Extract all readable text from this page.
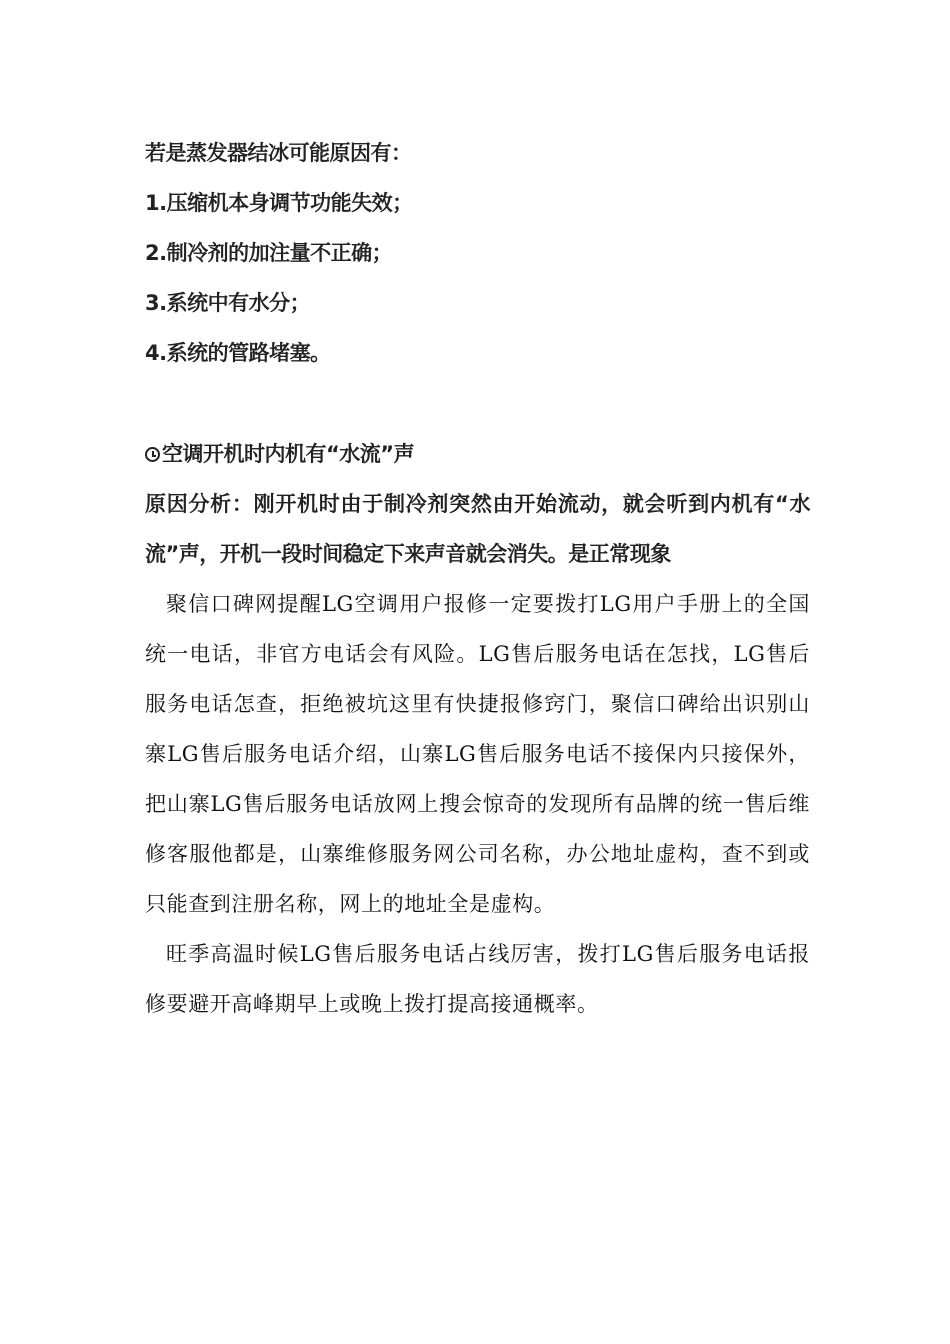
若是蒸发器结冰可能原因有：
1.压缩机本身调节功能失效；
2.制冷剂的加注量不正确；
3.系统中有水分；
4.系统的管路堵塞。
空调开机时内机有“水流”声

原因分析：刚开机时由于制冷剂突然由开始流动，就会听到内机有“水流”声，开机一段时间稳定下来声音就会消失。是正常现象

聚信口碑网提醒LG空调用户报修一定要拨打LG用户手册上的全国统一电话，非官方电话会有风险。LG售后服务电话在怎找，LG售后服务电话怎查，拒绝被坑这里有快捷报修窍门，聚信口碑给出识别山寨LG售后服务电话介绍，山寨LG售后服务电话不接保内只接保外，把山寨LG售后服务电话放网上搜会惊奇的发现所有品牌的统一售后维修客服他都是，山寨维修服务网公司名称，办公地址虚构，查不到或只能查到注册名称，网上的地址全是虚构。

旺季高温时候LG售后服务电话占线厉害，拨打LG售后服务电话报修要避开高峰期早上或晚上拨打提高接通概率。
